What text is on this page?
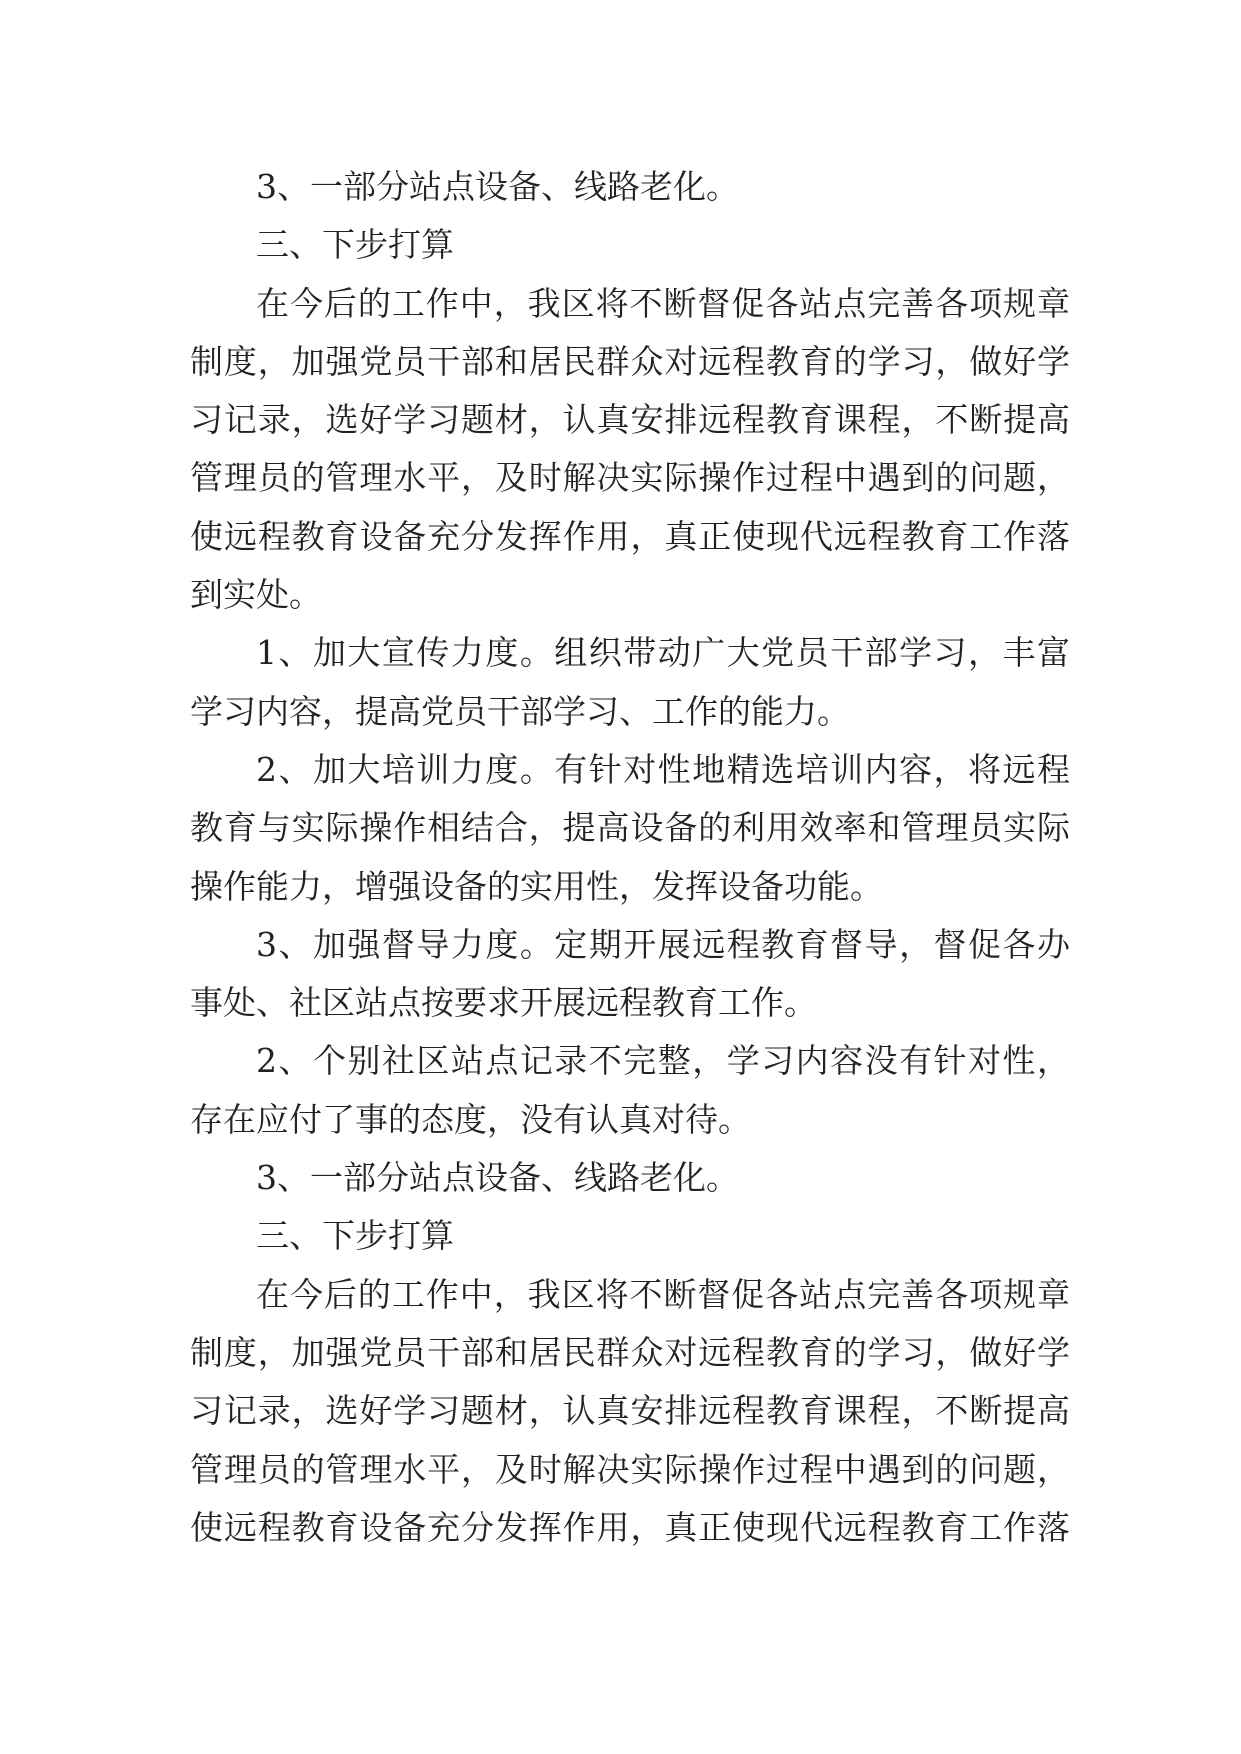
3、一部分站点设备、线路老化。
三、下步打算
在今后的工作中，我区将不断督促各站点完善各项规章
制度，加强党员干部和居民群众对远程教育的学习，做好学
习记录，选好学习题材，认真安排远程教育课程，不断提高
管理员的管理水平，及时解决实际操作过程中遇到的问题，
使远程教育设备充分发挥作用，真正使现代远程教育工作落
到实处。
1、加大宣传力度。组织带动广大党员干部学习，丰富
学习内容，提高党员干部学习、工作的能力。
2、加大培训力度。有针对性地精选培训内容，将远程
教育与实际操作相结合，提高设备的利用效率和管理员实际
操作能力，增强设备的实用性，发挥设备功能。
3、加强督导力度。定期开展远程教育督导，督促各办
事处、社区站点按要求开展远程教育工作。
2、个别社区站点记录不完整，学习内容没有针对性，
存在应付了事的态度，没有认真对待。
3、一部分站点设备、线路老化。
三、下步打算
在今后的工作中，我区将不断督促各站点完善各项规章
制度，加强党员干部和居民群众对远程教育的学习，做好学
习记录，选好学习题材，认真安排远程教育课程，不断提高
管理员的管理水平，及时解决实际操作过程中遇到的问题，
使远程教育设备充分发挥作用，真正使现代远程教育工作落
